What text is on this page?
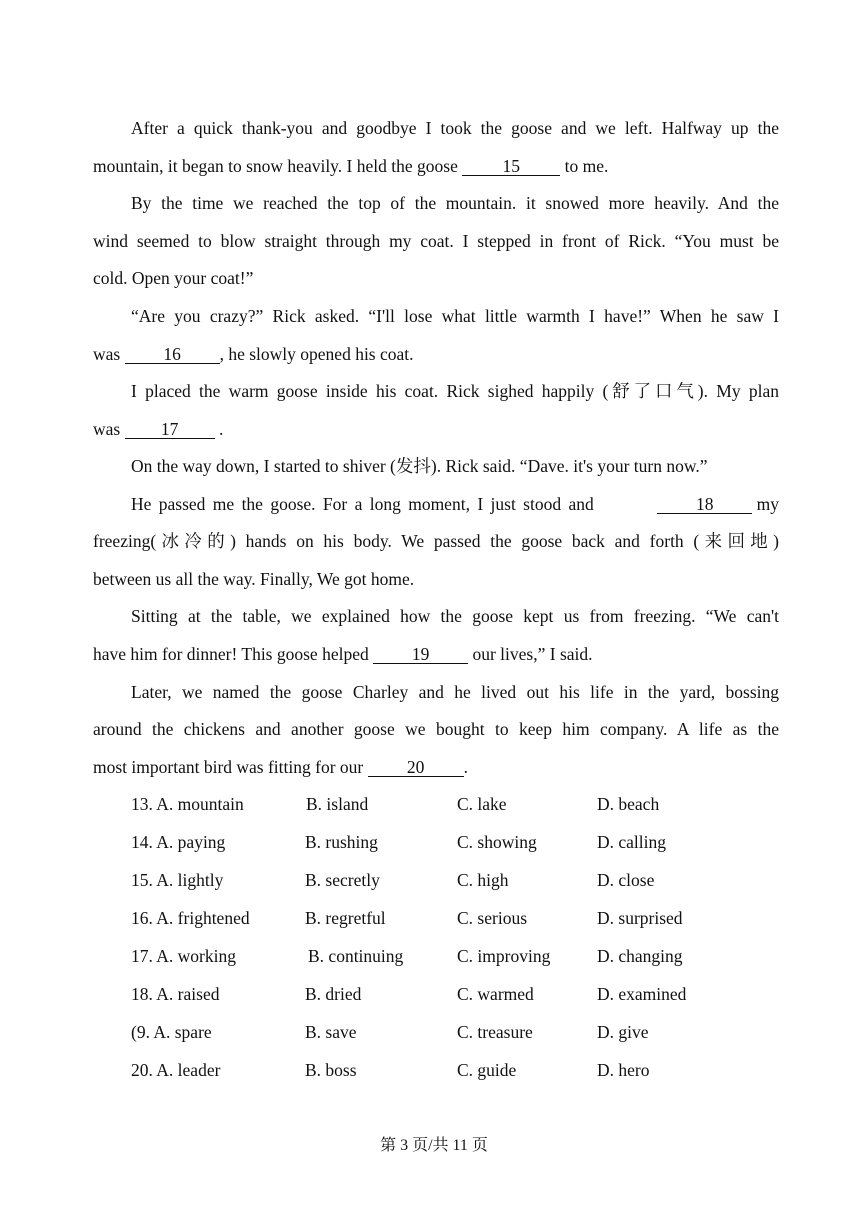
After a quick thank-you and goodbye I took the goose and we left. Halfway up the
mountain, it began to snow heavily. I held the goose 15 to me.
By the time we reached the top of the mountain. it snowed more heavily. And the
wind seemed to blow straight through my coat. I stepped in front of Rick. “You must be
cold. Open your coat!”
“Are you crazy?” Rick asked. “I'll lose what little warmth I have!” When he saw I
was 16 , he slowly opened his coat.
I placed the warm goose inside his coat. Rick sighed happily (舒了口气). My plan
was 17 .
On the way down, I started to shiver (发抖). Rick said. “Dave. it's your turn now.”
He passed me the goose. For a long moment, I just stood and	18 my
freezing(冰冷的) hands on his body. We passed the goose back and forth (来回地)
between us all the way. Finally, We got home.
Sitting at the table, we explained how the goose kept us from freezing. “We can't
have him for dinner! This goose helped 19 our lives,” I said.
Later, we named the goose Charley and he lived out his life in the yard, bossing
around the chickens and another goose we bought to keep him company. A life as the
most important bird was fitting for our 20 .
13. A. mountain	B. island	C. lake	D. beach
14. A. paying	B. rushing	C. showing	D. calling
15. A. lightly	B. secretly	C. high	D. close
16. A. frightened	B. regretful	C. serious	D. surprised
17. A. working	B. continuing	C. improving	D. changing
18. A. raised	B. dried	C. warmed	D. examined
​(9. A. spare	B. save	C. treasure	D. give
20. A. leader	B. boss	C. guide	D. hero
第 3 页/共 11 页
